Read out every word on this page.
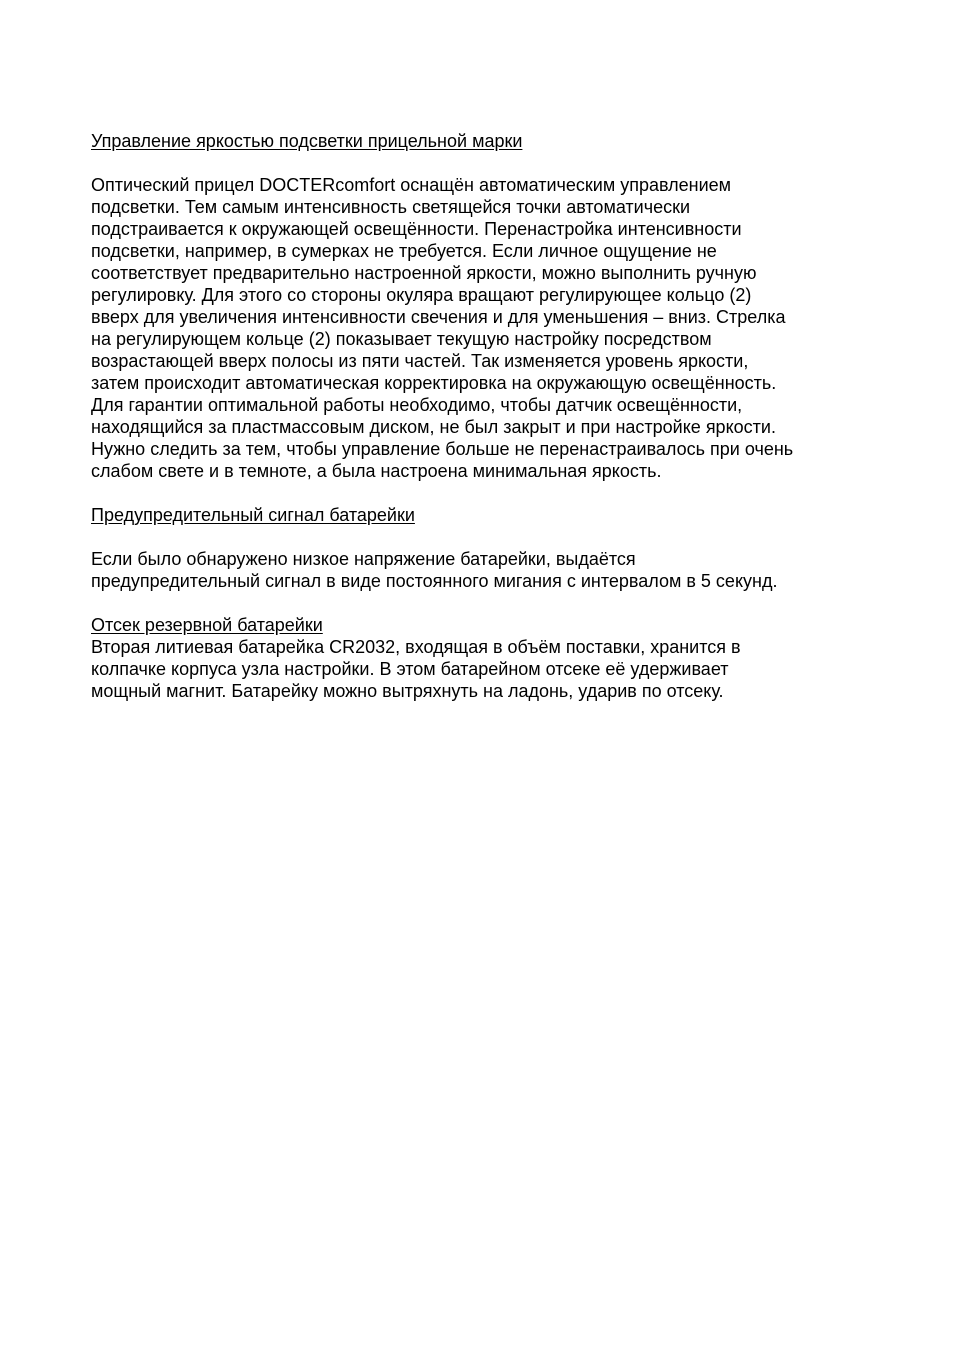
Управление яркостью подсветки прицельной марки

Оптический прицел DOCTERcomfort оснащён автоматическим управлением
подсветки. Тем самым интенсивность светящейся точки автоматически
подстраивается к окружающей освещённости. Перенастройка интенсивности
подсветки, например, в сумерках не требуется. Если личное ощущение не
соответствует предварительно настроенной яркости, можно выполнить ручную
регулировку. Для этого со стороны окуляра вращают регулирующее кольцо (2)
вверх для увеличения интенсивности свечения и для уменьшения – вниз. Стрелка
на регулирующем кольце (2) показывает текущую настройку посредством
возрастающей вверх полосы из пяти частей. Так изменяется уровень яркости,
затем происходит автоматическая корректировка на окружающую освещённость.
Для гарантии оптимальной работы необходимо, чтобы датчик освещённости,
находящийся за пластмассовым диском, не был закрыт и при настройке яркости.
Нужно следить за тем, чтобы управление больше не перенастраивалось при очень
слабом свете и в темноте, а была настроена минимальная яркость.

Предупредительный сигнал батарейки

Если было обнаружено низкое напряжение батарейки, выдаётся
предупредительный сигнал в виде постоянного мигания с интервалом в 5 секунд.

Отсек резервной батарейки

Вторая литиевая батарейка CR2032, входящая в объём поставки, хранится в
колпачке корпуса узла настройки. В этом батарейном отсеке её удерживает
мощный магнит. Батарейку можно вытряхнуть на ладонь, ударив по отсеку.
